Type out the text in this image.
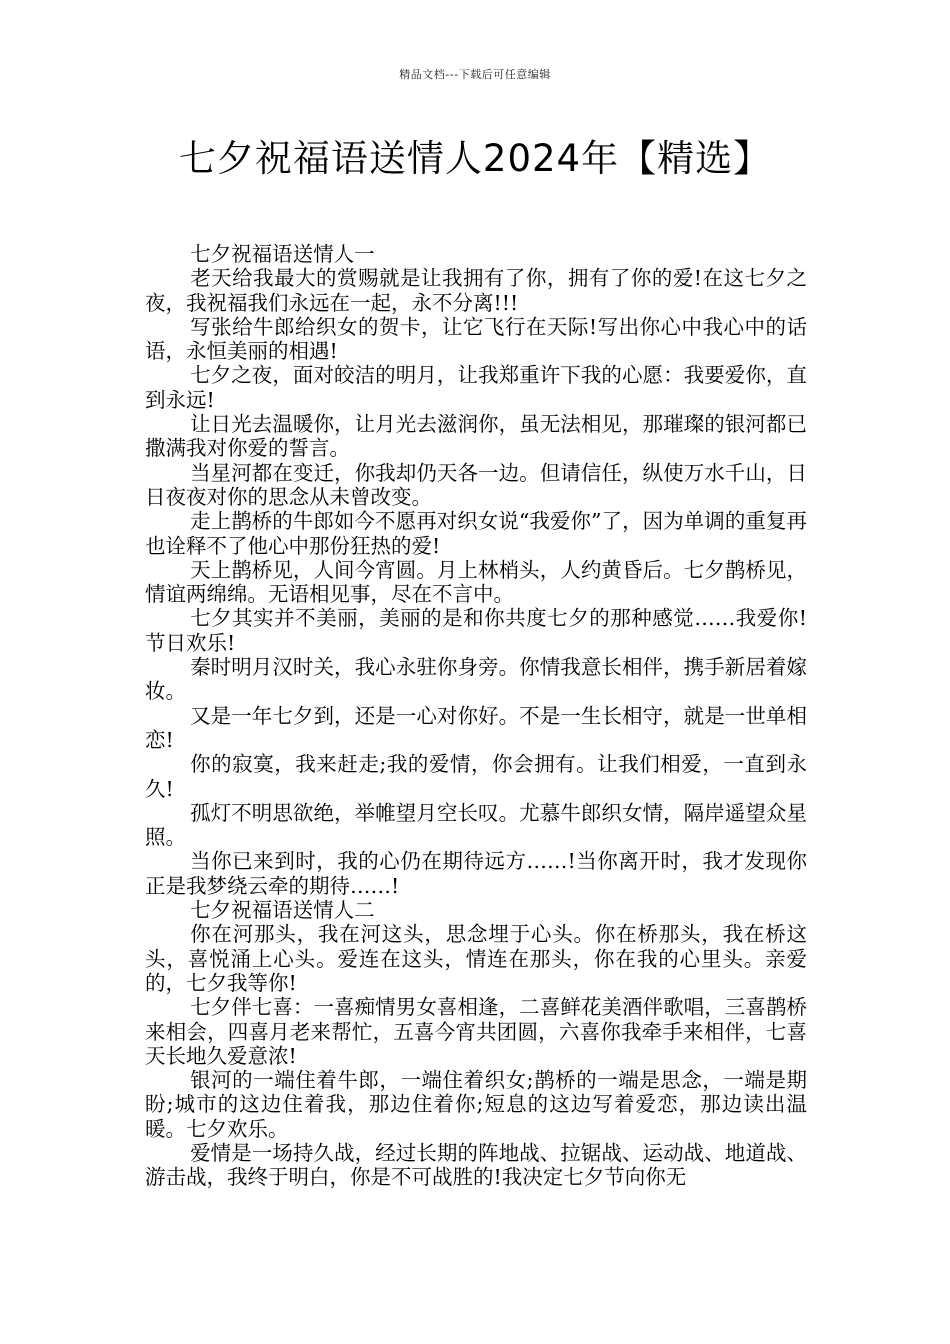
精品文档---下载后可任意编辑
七夕祝福语送情人2024年【精选】

七夕祝福语送情人一

老天给我最大的赏赐就是让我拥有了你，拥有了你的爱!在这七夕之夜，我祝福我们永远在一起，永不分离!!!

写张给牛郎给织女的贺卡，让它飞行在天际!写出你心中我心中的话语，永恒美丽的相遇!

七夕之夜，面对皎洁的明月，让我郑重许下我的心愿：我要爱你，直到永远!

让日光去温暖你，让月光去滋润你，虽无法相见，那璀璨的银河都已撒满我对你爱的誓言。

当星河都在变迁，你我却仍天各一边。但请信任，纵使万水千山，日日夜夜对你的思念从未曾改变。

走上鹊桥的牛郎如今不愿再对织女说“我爱你”了，因为单调的重复再也诠释不了他心中那份狂热的爱!

天上鹊桥见，人间今宵圆。月上林梢头，人约黄昏后。七夕鹊桥见，情谊两绵绵。无语相见事，尽在不言中。

七夕其实并不美丽，美丽的是和你共度七夕的那种感觉……我爱你!节日欢乐!

秦时明月汉时关，我心永驻你身旁。你情我意长相伴，携手新居着嫁妆。

又是一年七夕到，还是一心对你好。不是一生长相守，就是一世单相恋!

你的寂寞，我来赶走;我的爱情，你会拥有。让我们相爱，一直到永久!

孤灯不明思欲绝，举帷望月空长叹。尤慕牛郎织女情，隔岸遥望众星照。

当你已来到时，我的心仍在期待远方……!当你离开时，我才发现你正是我梦绕云牵的期待……!

七夕祝福语送情人二

你在河那头，我在河这头，思念埋于心头。你在桥那头，我在桥这头，喜悦涌上心头。爱连在这头，情连在那头，你在我的心里头。亲爱的，七夕我等你!

七夕伴七喜：一喜痴情男女喜相逢，二喜鲜花美酒伴歌唱，三喜鹊桥来相会，四喜月老来帮忙，五喜今宵共团圆，六喜你我牵手来相伴，七喜天长地久爱意浓!

银河的一端住着牛郎，一端住着织女;鹊桥的一端是思念，一端是期盼;城市的这边住着我，那边住着你;短息的这边写着爱恋，那边读出温暖。七夕欢乐。

爱情是一场持久战，经过长期的阵地战、拉锯战、运动战、地道战、游击战，我终于明白，你是不可战胜的!我决定七夕节向你无
